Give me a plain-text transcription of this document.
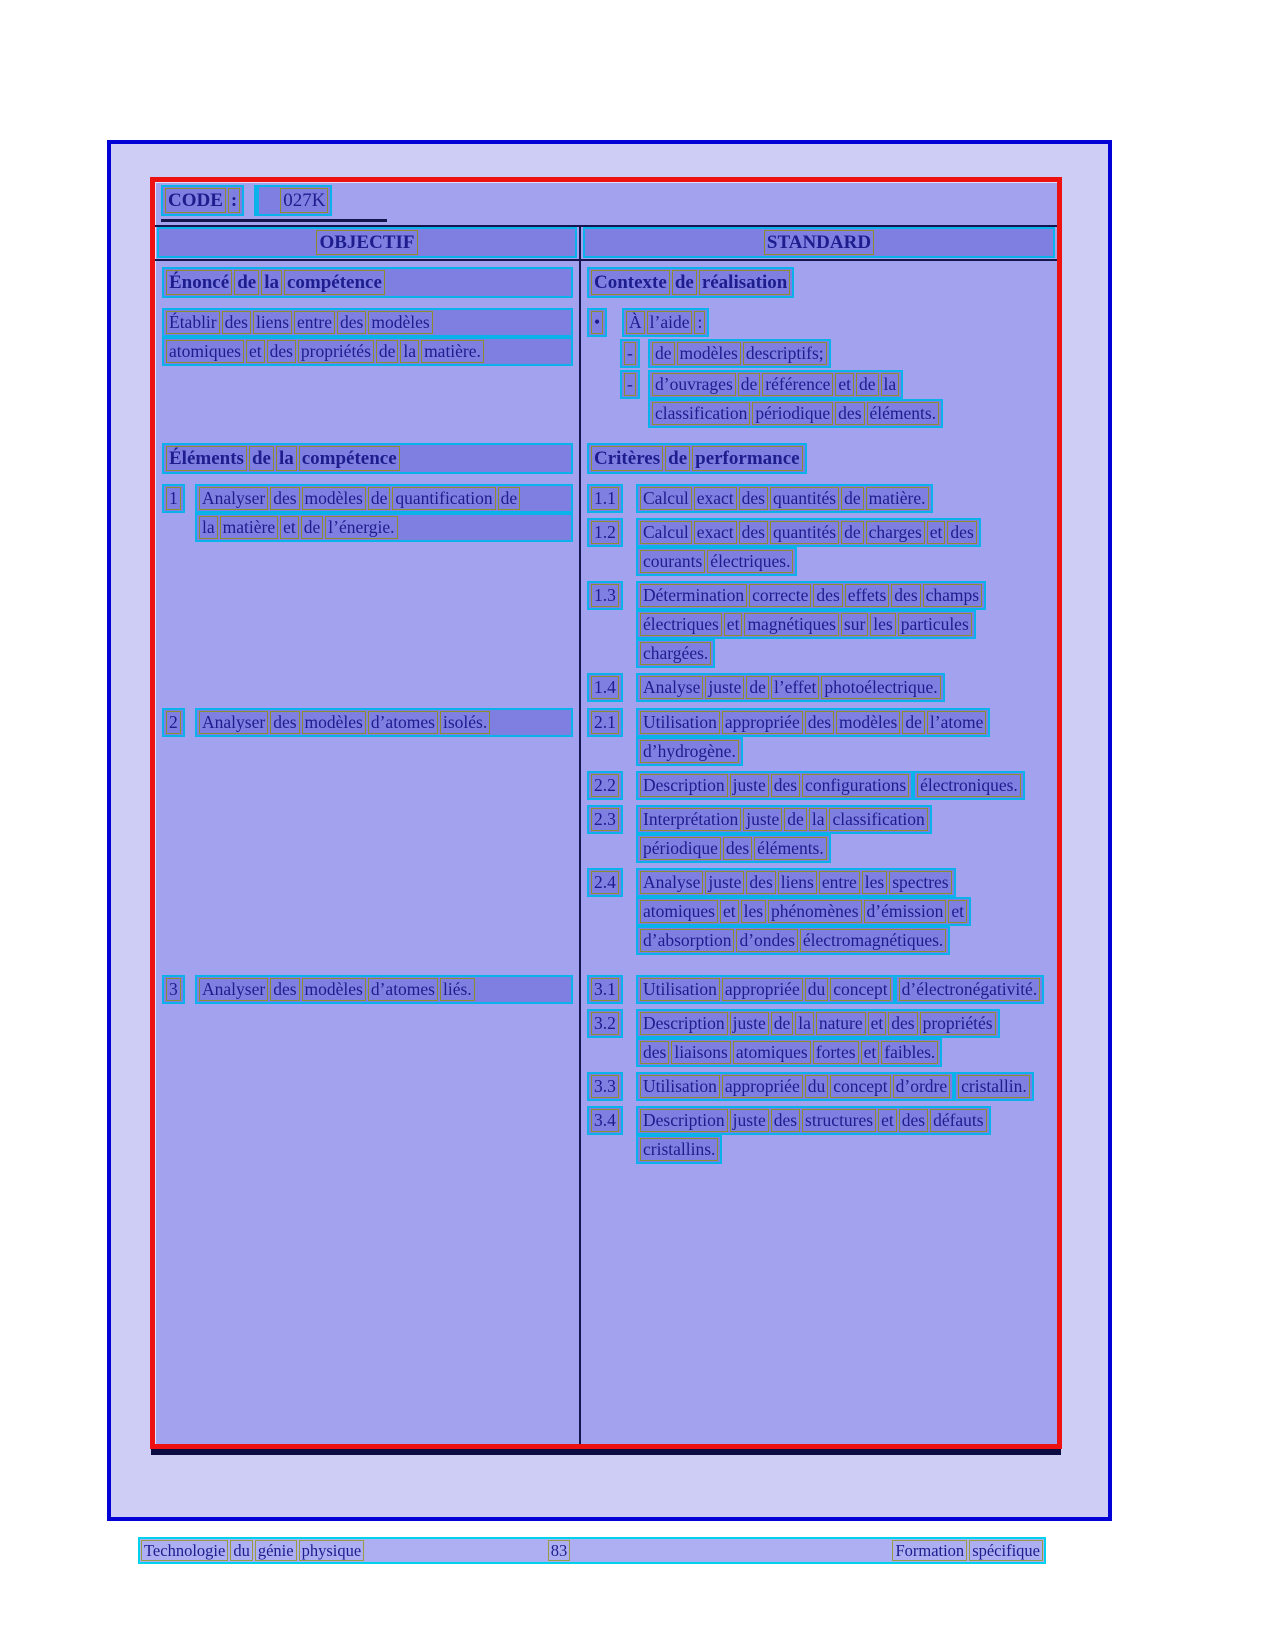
CODE : 027K
OBJECTIF	STANDARD
Énoncé de la compétence
Établir des liens entre des modèles
atomiques et des propriétés de la matière.
Contexte de réalisation
•	À l’aide :
-	de modèles descriptifs;
-	d’ouvrages de référence et de laclassification périodique des éléments.
Éléments de la compétence
1	Analyser des modèles de quantification de
la matière et de l’énergie.
Critères de performance
1.1	Calcul exact des quantités de matière.
1.2	Calcul exact des quantités de charges et descourants électriques.
1.3	Détermination correcte des effets des champsélectriques et magnétiques sur les particuleschargées.
1.4	Analyse juste de l’effet photoélectrique.
2	Analyser des modèles d’atomes isolés.	2.1	Utilisation appropriée des modèles de l’atomed’hydrogène.
2.2	Description juste des configurations électroniques.
2.3	Interprétation juste de la classificationpériodique des éléments.
2.4	Analyse juste des liens entre les spectresatomiques et les phénomènes d’émission etd’absorption d’ondes électromagnétiques.
3	Analyser des modèles d’atomes liés.	3.1	Utilisation appropriée du concept d’électronégativité.
3.2	Description juste de la nature et des propriétésdes liaisons atomiques fortes et faibles.
3.3	Utilisation appropriée du concept d’ordre cristallin.
3.4	Description juste des structures et des défautscristallins.
Technologie du génie physique	83	Formation spécifique
